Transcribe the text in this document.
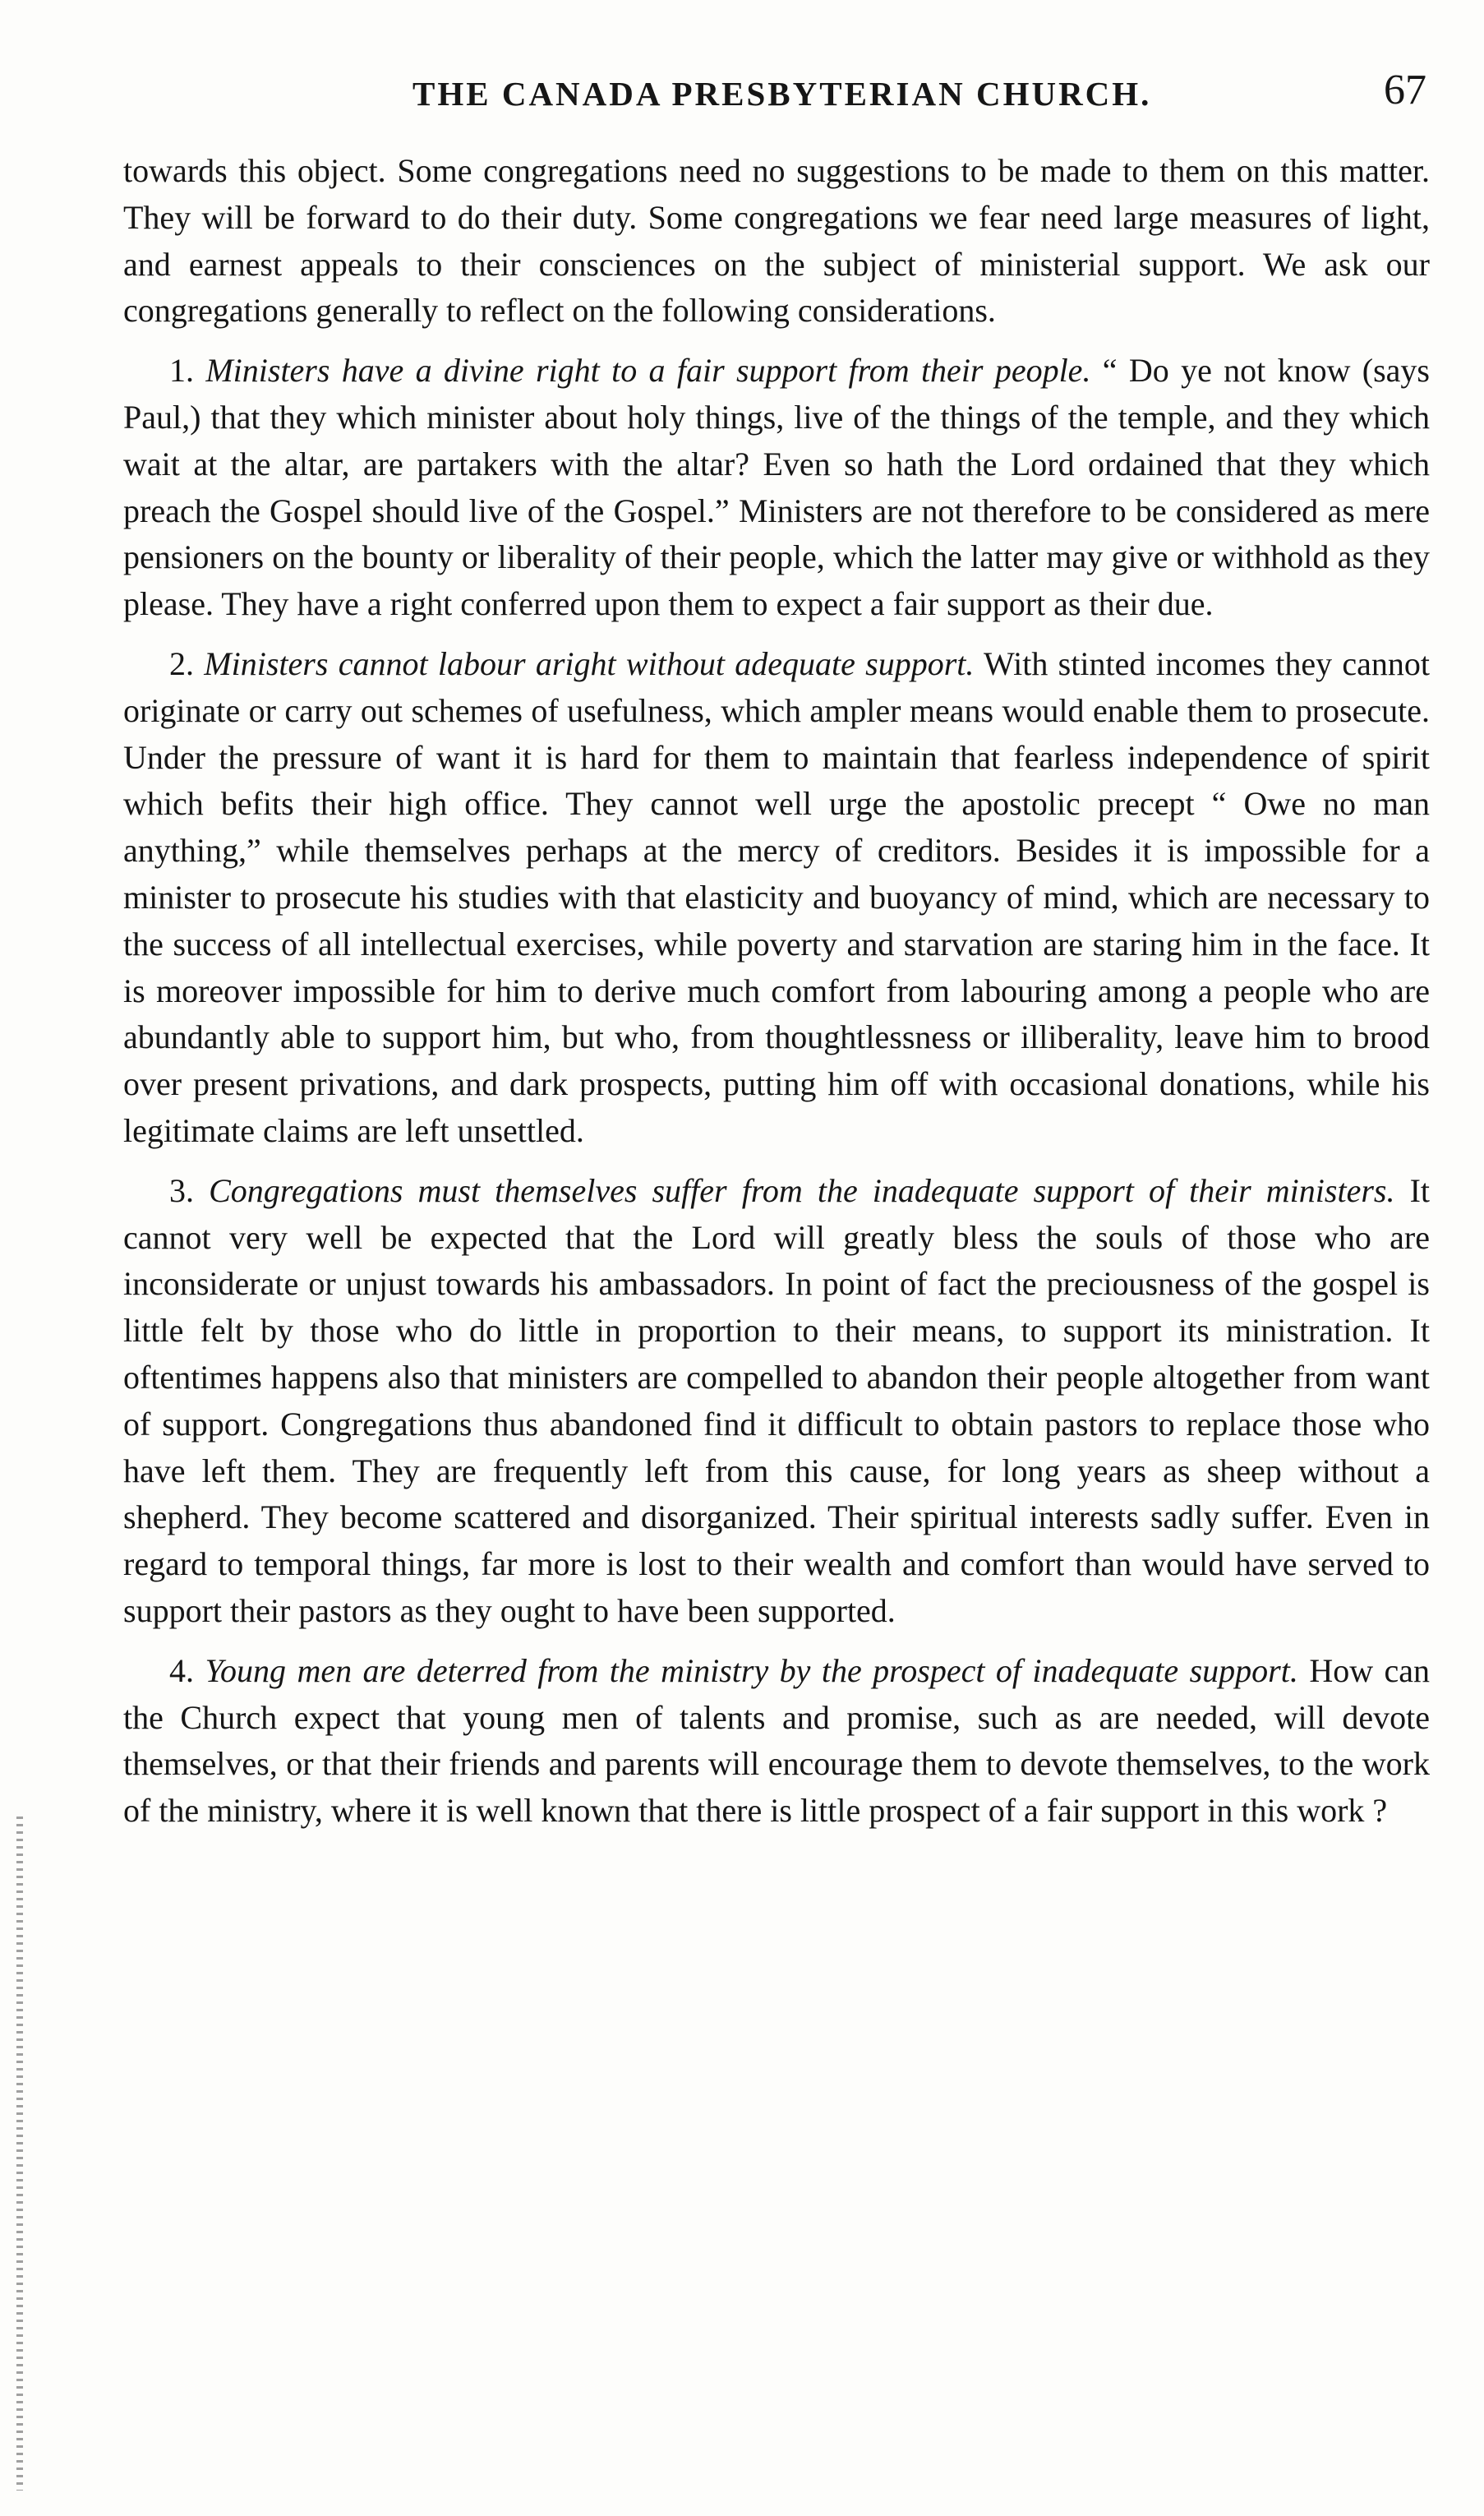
THE CANADA PRESBYTERIAN CHURCH.	67

towards this object. Some congregations need no suggestions to be made to them on this matter. They will be forward to do their duty. Some congregations we fear need large measures of light, and earnest appeals to their consciences on the subject of ministerial support. We ask our congregations generally to reflect on the following considerations.

1. Ministers have a divine right to a fair support from their people. “ Do ye not know (says Paul,) that they which minister about holy things, live of the things of the temple, and they which wait at the altar, are partakers with the altar? Even so hath the Lord ordained that they which preach the Gospel should live of the Gospel.” Ministers are not therefore to be considered as mere pensioners on the bounty or liberality of their people, which the latter may give or withhold as they please. They have a right conferred upon them to expect a fair support as their due.

2. Ministers cannot labour aright without adequate support. With stinted incomes they cannot originate or carry out schemes of usefulness, which ampler means would enable them to prosecute. Under the pressure of want it is hard for them to maintain that fearless independence of spirit which befits their high office. They cannot well urge the apostolic precept “ Owe no man anything,” while themselves perhaps at the mercy of creditors. Besides it is impossible for a minister to prosecute his studies with that elasticity and buoyancy of mind, which are necessary to the success of all intellectual exercises, while poverty and starvation are staring him in the face. It is moreover impossible for him to derive much comfort from labouring among a people who are abundantly able to support him, but who, from thoughtlessness or illiberality, leave him to brood over present privations, and dark prospects, putting him off with occasional donations, while his legitimate claims are left unsettled.

3. Congregations must themselves suffer from the inadequate support of their ministers. It cannot very well be expected that the Lord will greatly bless the souls of those who are inconsiderate or unjust towards his ambassadors. In point of fact the preciousness of the gospel is little felt by those who do little in proportion to their means, to support its ministration. It oftentimes happens also that ministers are compelled to abandon their people altogether from want of support. Congregations thus abandoned find it difficult to obtain pastors to replace those who have left them. They are frequently left from this cause, for long years as sheep without a shepherd. They become scattered and disorganized. Their spiritual interests sadly suffer. Even in regard to temporal things, far more is lost to their wealth and comfort than would have served to support their pastors as they ought to have been supported.

4. Young men are deterred from the ministry by the prospect of inadequate support. How can the Church expect that young men of talents and promise, such as are needed, will devote themselves, or that their friends and parents will encourage them to devote themselves, to the work of the ministry, where it is well known that there is little prospect of a fair support in this work ?
